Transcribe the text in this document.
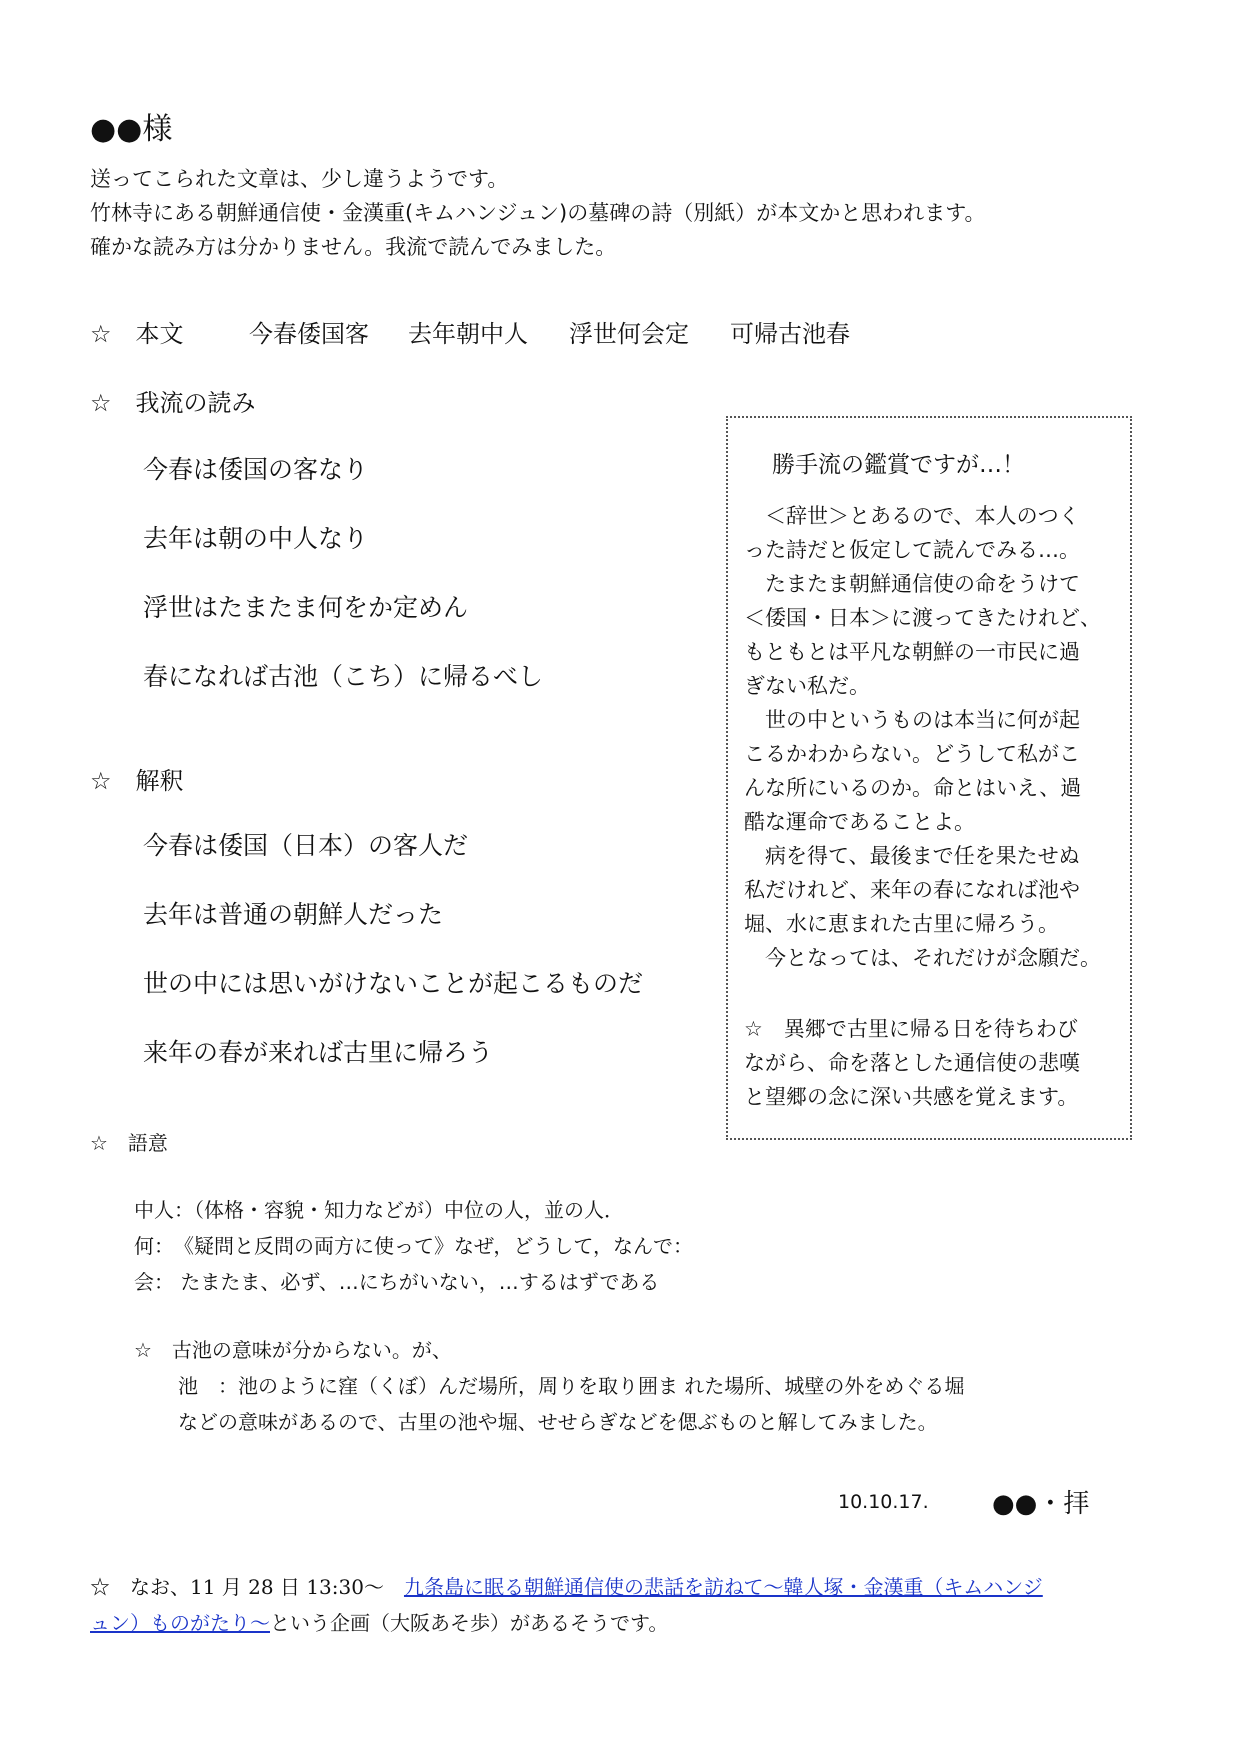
●●様
送ってこられた文章は、少し違うようです。
竹林寺にある朝鮮通信使・金漢重(キムハンジュン)の墓碑の詩（別紙）が本文かと思われます。
確かな読み方は分かりません。我流で読んでみました。
☆　本文	今春倭国客 去年朝中人 浮世何会定 可帰古池春
☆　我流の読み
今春は倭国の客なり
去年は朝の中人なり
浮世はたまたま何をか定めん
春になれば古池（こち）に帰るべし
☆　解釈
今春は倭国（日本）の客人だ
去年は普通の朝鮮人だった
世の中には思いがけないことが起こるものだ
来年の春が来れば古里に帰ろう
勝手流の鑑賞ですが…！
　＜辞世＞とあるので、本人のつく
った詩だと仮定して読んでみる…。
　たまたま朝鮮通信使の命をうけて
＜倭国・日本＞に渡ってきたけれど、
もともとは平凡な朝鮮の一市民に過
ぎない私だ。
　世の中というものは本当に何が起
こるかわからない。どうして私がこ
んな所にいるのか。命とはいえ、過
酷な運命であることよ。
　病を得て、最後まで任を果たせぬ
私だけれど、来年の春になれば池や
堀、水に恵まれた古里に帰ろう。
　今となっては、それだけが念願だ。
☆　異郷で古里に帰る日を待ちわび
ながら、命を落とした通信使の悲嘆
と望郷の念に深い共感を覚えます。
☆　語意
中人：（体格・容貌・知力などが）中位の人，並の人．
何：　《疑問と反問の両方に使って》なぜ，どうして，なんで：
会： たまたま、必ず、…にちがいない，…するはずである
☆　古池の意味が分からない。が、
池　：池のように窪（くぼ）んだ場所，周りを取り囲ま れた場所、城壁の外をめぐる堀
などの意味があるので、古里の池や堀、せせらぎなどを偲ぶものと解してみました。
10.10.17. ●●・拝
☆　なお、11 月 28 日 13:30～　九条島に眠る朝鮮通信使の悲話を訪ねて～韓人塚・金漢重（キムハンジ
ュン）ものがたり～という企画（大阪あそ歩）があるそうです。
